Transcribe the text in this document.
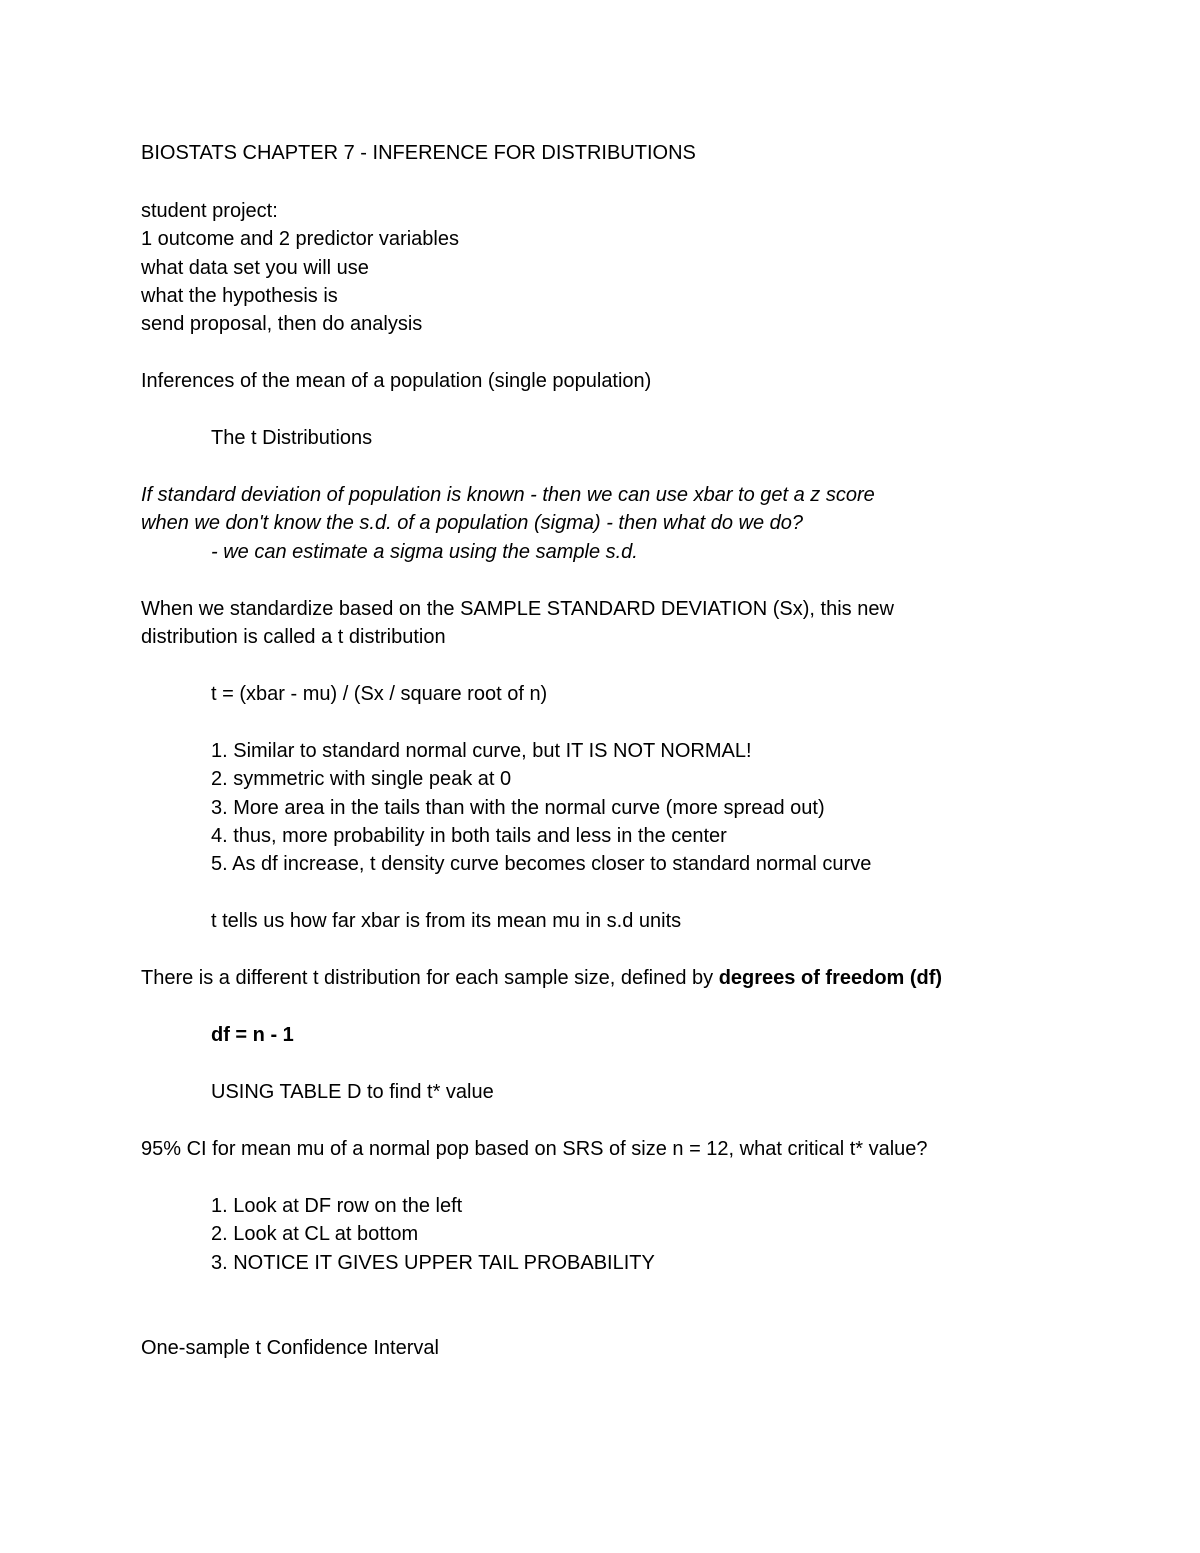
BIOSTATS CHAPTER 7 - INFERENCE FOR DISTRIBUTIONS
student project:
1 outcome and 2 predictor variables
what data set you will use
what the hypothesis is
send proposal, then do analysis
Inferences of the mean of a population (single population)
The t Distributions
If standard deviation of population is known - then we can use xbar to get a z score
when we don't know the s.d. of a population (sigma) - then what do we do?
- we can estimate a sigma using the sample s.d.
When we standardize based on the SAMPLE STANDARD DEVIATION (Sx), this new
distribution is called a t distribution
t = (xbar - mu) / (Sx / square root of n)
1. Similar to standard normal curve, but IT IS NOT NORMAL!
2. symmetric with single peak at 0
3. More area in the tails than with the normal curve (more spread out)
4. thus, more probability in both tails and less in the center
5. As df increase, t density curve becomes closer to standard normal curve
t tells us how far xbar is from its mean mu in s.d units
There is a different t distribution for each sample size, defined by degrees of freedom (df)
df = n - 1
USING TABLE D to find t* value
95% CI for mean mu of a normal pop based on SRS of size n = 12, what critical t* value?
1. Look at DF row on the left
2. Look at CL at bottom
3. NOTICE IT GIVES UPPER TAIL PROBABILITY
One-sample t Confidence Interval
